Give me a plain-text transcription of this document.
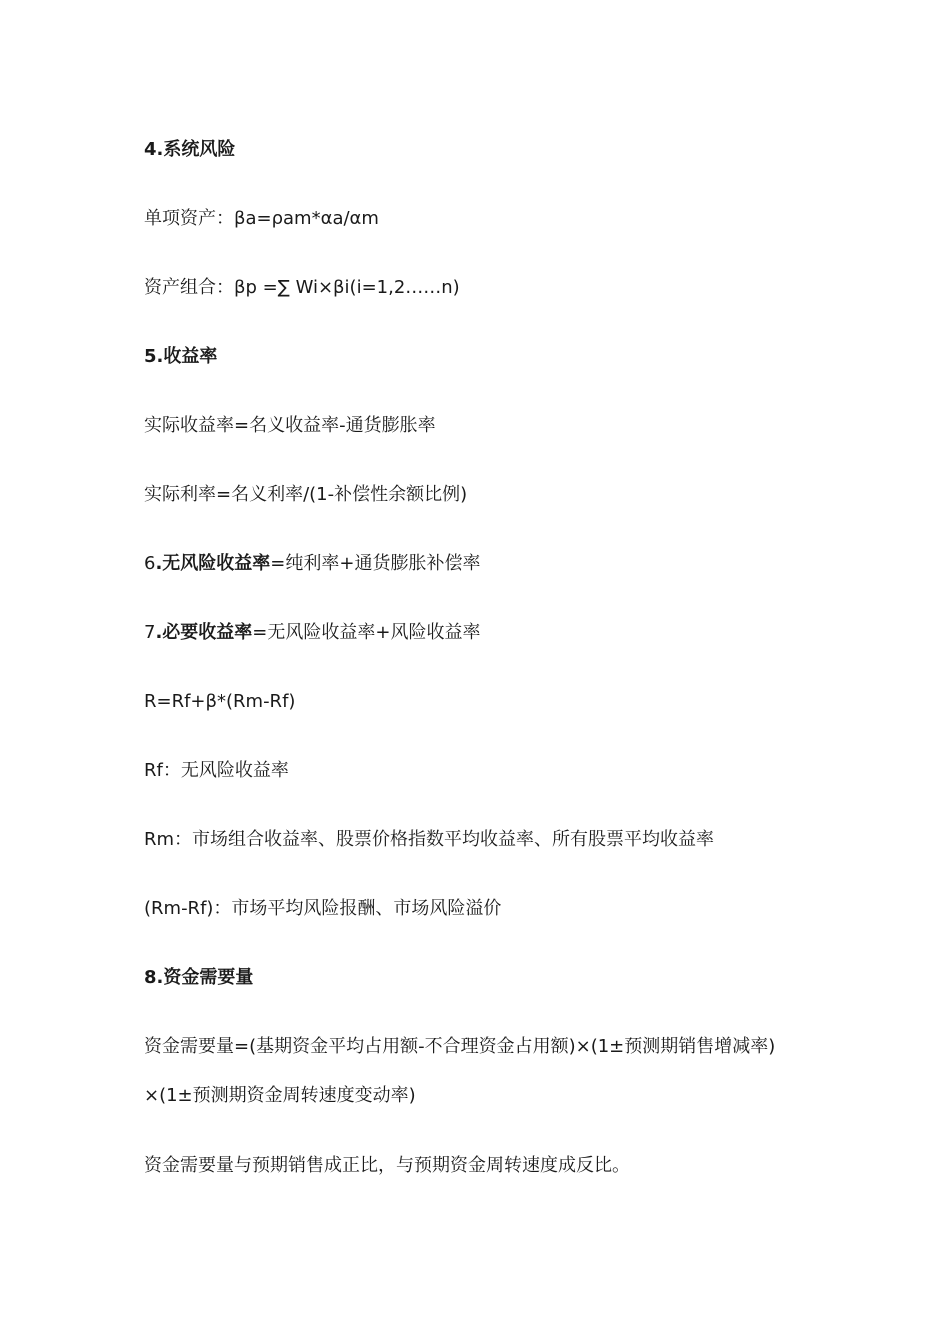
4.系统风险
单项资产：βa=ρam*αa/αm
资产组合：βp =∑ Wi×βi(i=1,2……n)
5.收益率
实际收益率=名义收益率-通货膨胀率
实际利率=名义利率/(1-补偿性余额比例)
6.无风险收益率=纯利率+通货膨胀补偿率
7.必要收益率=无风险收益率+风险收益率
R=Rf+β*(Rm-Rf)
Rf：无风险收益率
Rm：市场组合收益率、股票价格指数平均收益率、所有股票平均收益率
(Rm-Rf)：市场平均风险报酬、市场风险溢价
8.资金需要量
资金需要量=(基期资金平均占用额-不合理资金占用额)×(1±预测期销售增减率)
×(1±预测期资金周转速度变动率)
资金需要量与预期销售成正比，与预期资金周转速度成反比。
